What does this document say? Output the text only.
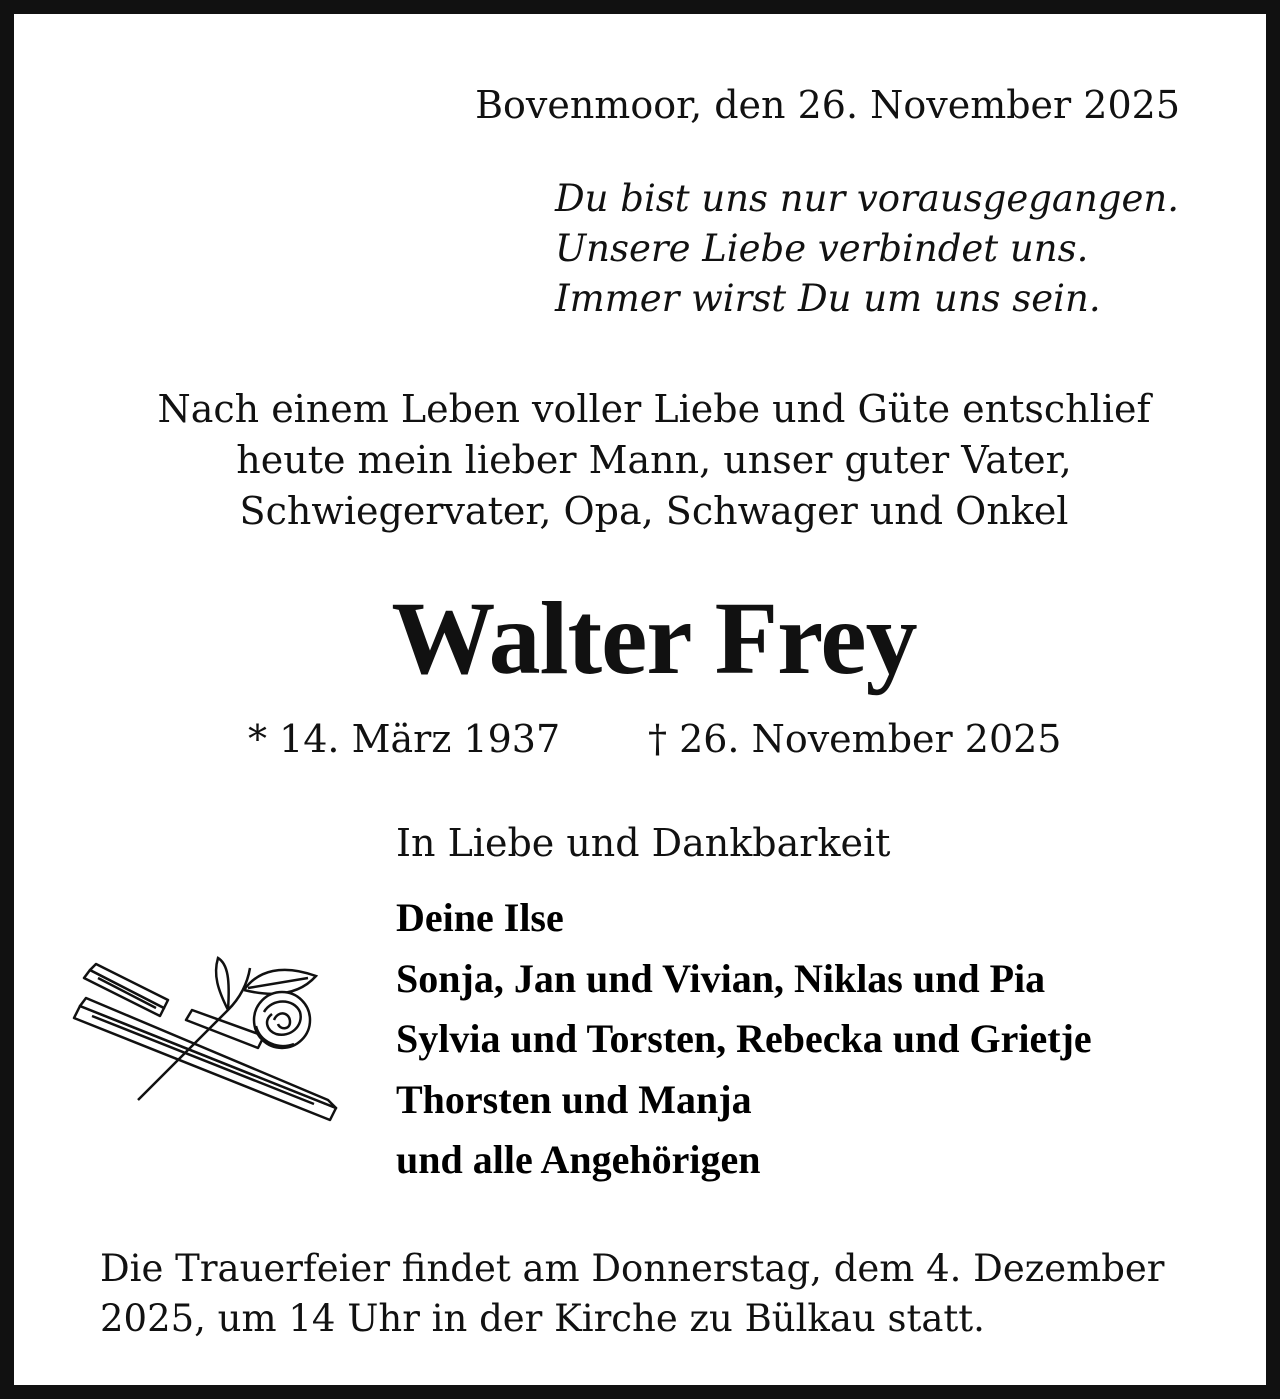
Bovenmoor, den 26. November 2025
Du bist uns nur vorausgegangen.
Unsere Liebe verbindet uns.
Immer wirst Du um uns sein.
Nach einem Leben voller Liebe und Güte entschlief
heute mein lieber Mann, unser guter Vater,
Schwiegervater, Opa, Schwager und Onkel
Walter Frey
* 14. März 1937 † 26. November 2025
In Liebe und Dankbarkeit
Deine Ilse
Sonja, Jan und Vivian, Niklas und Pia
Sylvia und Torsten, Rebecka und Grietje
Thorsten und Manja
und alle Angehörigen
Die Trauerfeier findet am Donnerstag, dem 4. Dezember
2025, um 14 Uhr in der Kirche zu Bülkau statt.
